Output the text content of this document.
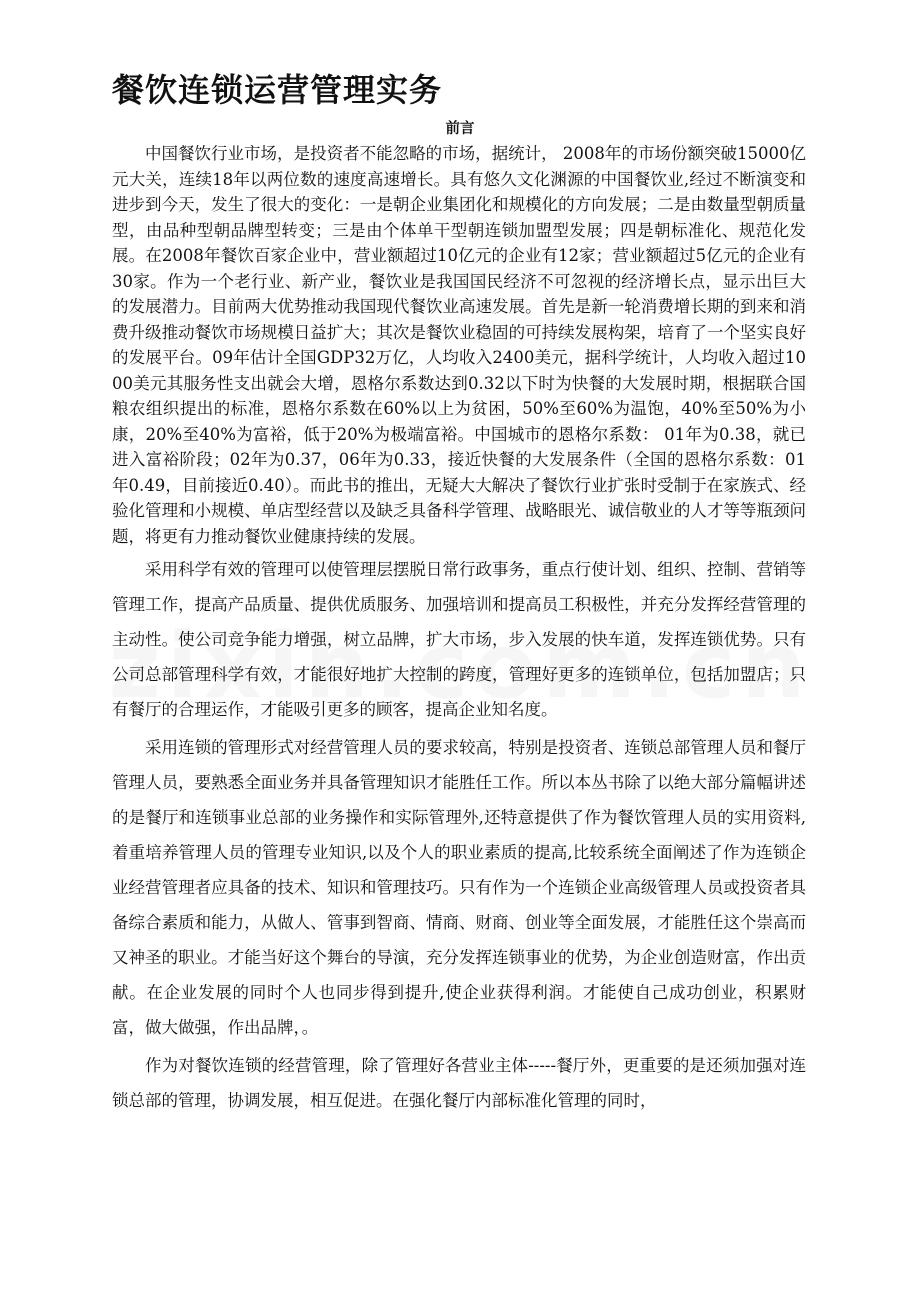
餐饮连锁运营管理实务
前言

中国餐饮行业市场，是投资者不能忽略的市场，据统计， 2008年的市场份额突破15000亿元大关，连续18年以两位数的速度高速增长。具有悠久文化渊源的中国餐饮业,经过不断演变和进步到今天，发生了很大的变化：一是朝企业集团化和规模化的方向发展；二是由数量型朝质量型，由品种型朝品牌型转变；三是由个体单干型朝连锁加盟型发展；四是朝标准化、规范化发展。在2008年餐饮百家企业中，营业额超过10亿元的企业有12家；营业额超过5亿元的企业有30家。作为一个老行业、新产业，餐饮业是我国国民经济不可忽视的经济增长点，显示出巨大的发展潜力。目前两大优势推动我国现代餐饮业高速发展。首先是新一轮消费增长期的到来和消费升级推动餐饮市场规模日益扩大；其次是餐饮业稳固的可持续发展构架，培育了一个坚实良好的发展平台。09年估计全国GDP32万亿，人均收入2400美元，据科学统计，人均收入超过1000美元其服务性支出就会大增，恩格尔系数达到0.32以下时为快餐的大发展时期，根据联合国粮农组织提出的标准，恩格尔系数在60%以上为贫困，50%至60%为温饱，40%至50%为小康，20%至40%为富裕，低于20%为极端富裕。中国城市的恩格尔系数： 01年为0.38，就已进入富裕阶段；02年为0.37，06年为0.33，接近快餐的大发展条件（全国的恩格尔系数：01年0.49，目前接近0.40）。而此书的推出，无疑大大解决了餐饮行业扩张时受制于在家族式、经验化管理和小规模、单店型经营以及缺乏具备科学管理、战略眼光、诚信敬业的人才等等瓶颈问题，将更有力推动餐饮业健康持续的发展。

采用科学有效的管理可以使管理层摆脱日常行政事务，重点行使计划、组织、控制、营销等管理工作，提高产品质量、提供优质服务、加强培训和提高员工积极性，并充分发挥经营管理的主动性。使公司竞争能力增强，树立品牌，扩大市场，步入发展的快车道，发挥连锁优势。只有公司总部管理科学有效，才能很好地扩大控制的跨度，管理好更多的连锁单位，包括加盟店；只有餐厅的合理运作，才能吸引更多的顾客，提高企业知名度。

采用连锁的管理形式对经营管理人员的要求较高，特别是投资者、连锁总部管理人员和餐厅管理人员，要熟悉全面业务并具备管理知识才能胜任工作。所以本丛书除了以绝大部分篇幅讲述的是餐厅和连锁事业总部的业务操作和实际管理外,还特意提供了作为餐饮管理人员的实用资料,着重培养管理人员的管理专业知识,以及个人的职业素质的提高,比较系统全面阐述了作为连锁企业经营管理者应具备的技术、知识和管理技巧。只有作为一个连锁企业高级管理人员或投资者具备综合素质和能力，从做人、管事到智商、情商、财商、创业等全面发展，才能胜任这个崇高而又神圣的职业。才能当好这个舞台的导演，充分发挥连锁事业的优势，为企业创造财富，作出贡献。在企业发展的同时个人也同步得到提升,使企业获得利润。才能使自己成功创业，积累财富，做大做强，作出品牌，。

作为对餐饮连锁的经营管理，除了管理好各营业主体-----餐厅外，更重要的是还须加强对连锁总部的管理，协调发展，相互促进。在强化餐厅内部标准化管理的同时，
